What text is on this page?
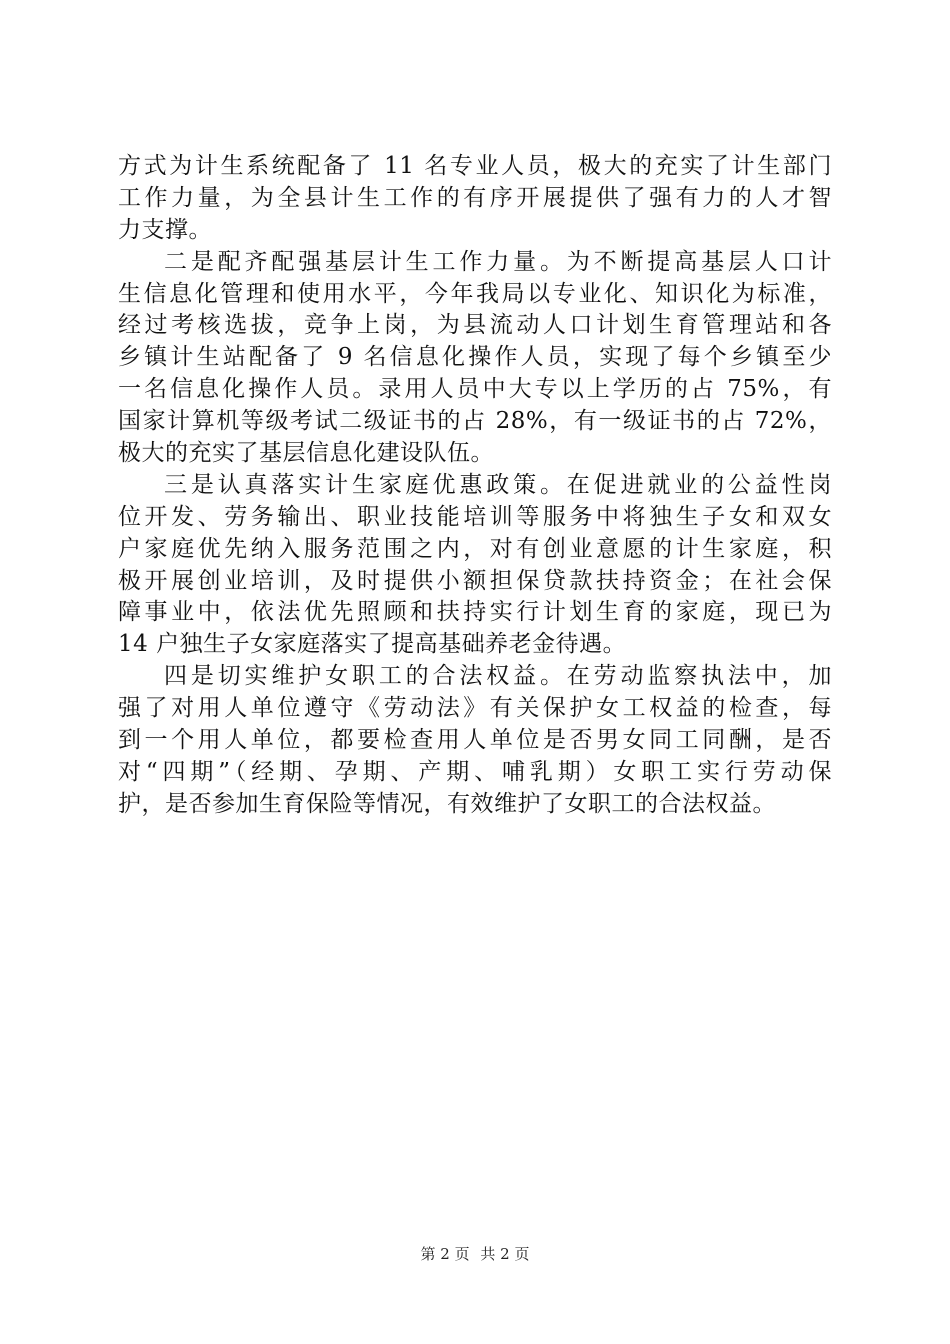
方式为计生系统配备了 11 名专业人员，极大的充实了计生部门
工作力量，为全县计生工作的有序开展提供了强有力的人才智
力支撑。
二是配齐配强基层计生工作力量。为不断提高基层人口计
生信息化管理和使用水平，今年我局以专业化、知识化为标准，
经过考核选拔，竞争上岗，为县流动人口计划生育管理站和各
乡镇计生站配备了 9 名信息化操作人员，实现了每个乡镇至少
一名信息化操作人员。录用人员中大专以上学历的占 75%，有
国家计算机等级考试二级证书的占 28%，有一级证书的占 72%，
极大的充实了基层信息化建设队伍。
三是认真落实计生家庭优惠政策。在促进就业的公益性岗
位开发、劳务输出、职业技能培训等服务中将独生子女和双女
户家庭优先纳入服务范围之内，对有创业意愿的计生家庭，积
极开展创业培训，及时提供小额担保贷款扶持资金；在社会保
障事业中，依法优先照顾和扶持实行计划生育的家庭，现已为
14 户独生子女家庭落实了提高基础养老金待遇。
四是切实维护女职工的合法权益。在劳动监察执法中，加
强了对用人单位遵守《劳动法》有关保护女工权益的检查，每
到一个用人单位，都要检查用人单位是否男女同工同酬，是否
对“四期”（经期、孕期、产期、哺乳期）女职工实行劳动保
护，是否参加生育保险等情况，有效维护了女职工的合法权益。
第 2 页 共 2 页
